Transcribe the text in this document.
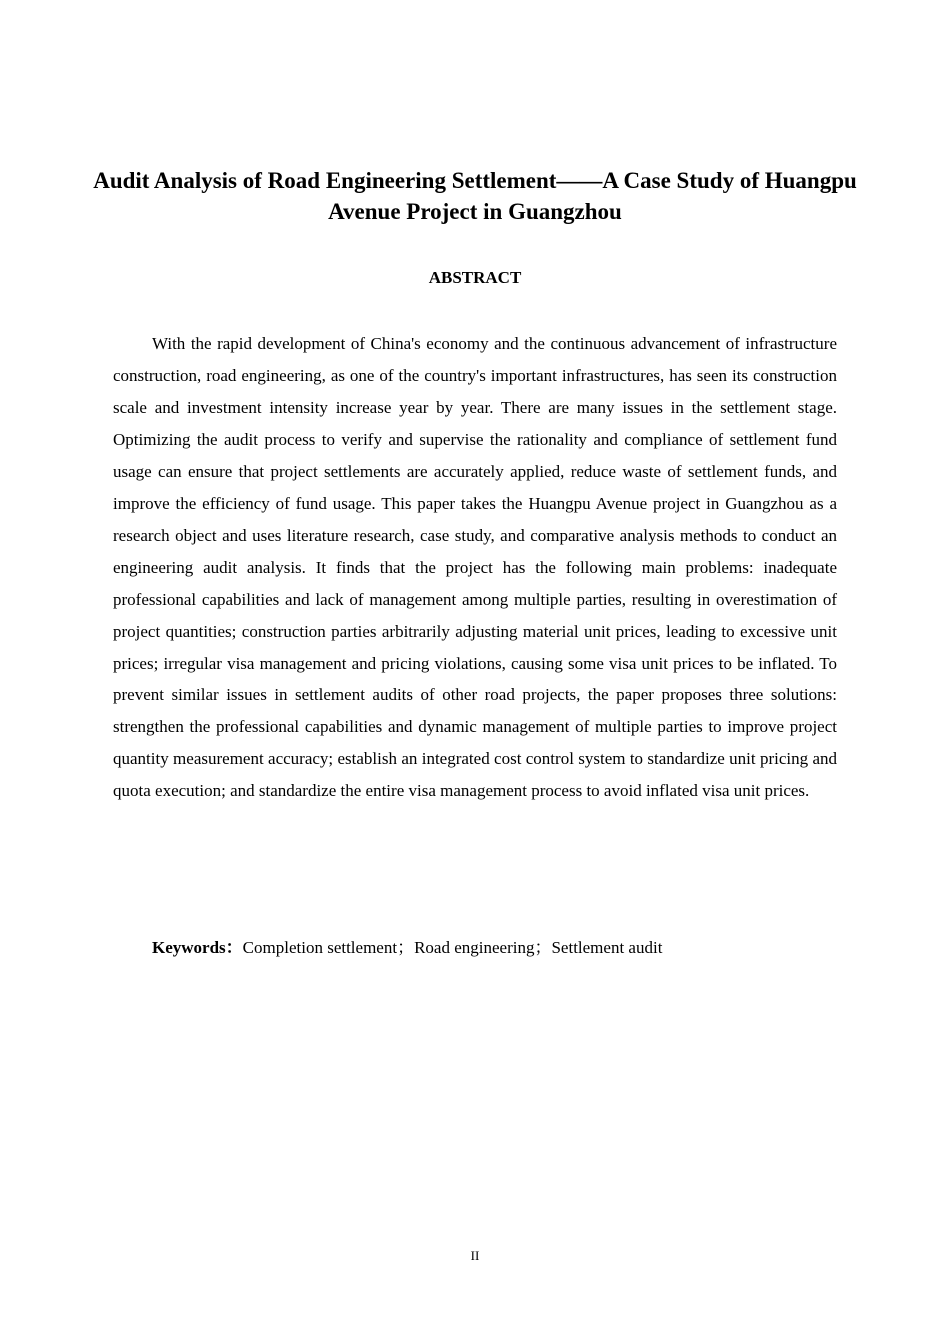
Audit Analysis of Road Engineering Settlement——A Case Study of Huangpu Avenue Project in Guangzhou
ABSTRACT

With the rapid development of China's economy and the continuous advancement of infrastructure construction, road engineering, as one of the country's important infrastructures, has seen its construction scale and investment intensity increase year by year. There are many issues in the settlement stage. Optimizing the audit process to verify and supervise the rationality and compliance of settlement fund usage can ensure that project settlements are accurately applied, reduce waste of settlement funds, and improve the efficiency of fund usage. This paper takes the Huangpu Avenue project in Guangzhou as a research object and uses literature research, case study, and comparative analysis methods to conduct an engineering audit analysis. It finds that the project has the following main problems: inadequate professional capabilities and lack of management among multiple parties, resulting in overestimation of project quantities; construction parties arbitrarily adjusting material unit prices, leading to excessive unit prices; irregular visa management and pricing violations, causing some visa unit prices to be inflated. To prevent similar issues in settlement audits of other road projects, the paper proposes three solutions: strengthen the professional capabilities and dynamic management of multiple parties to improve project quantity measurement accuracy; establish an integrated cost control system to standardize unit pricing and quota execution; and standardize the entire visa management process to avoid inflated visa unit prices.

Keywords：Completion settlement；Road engineering；Settlement audit

II
